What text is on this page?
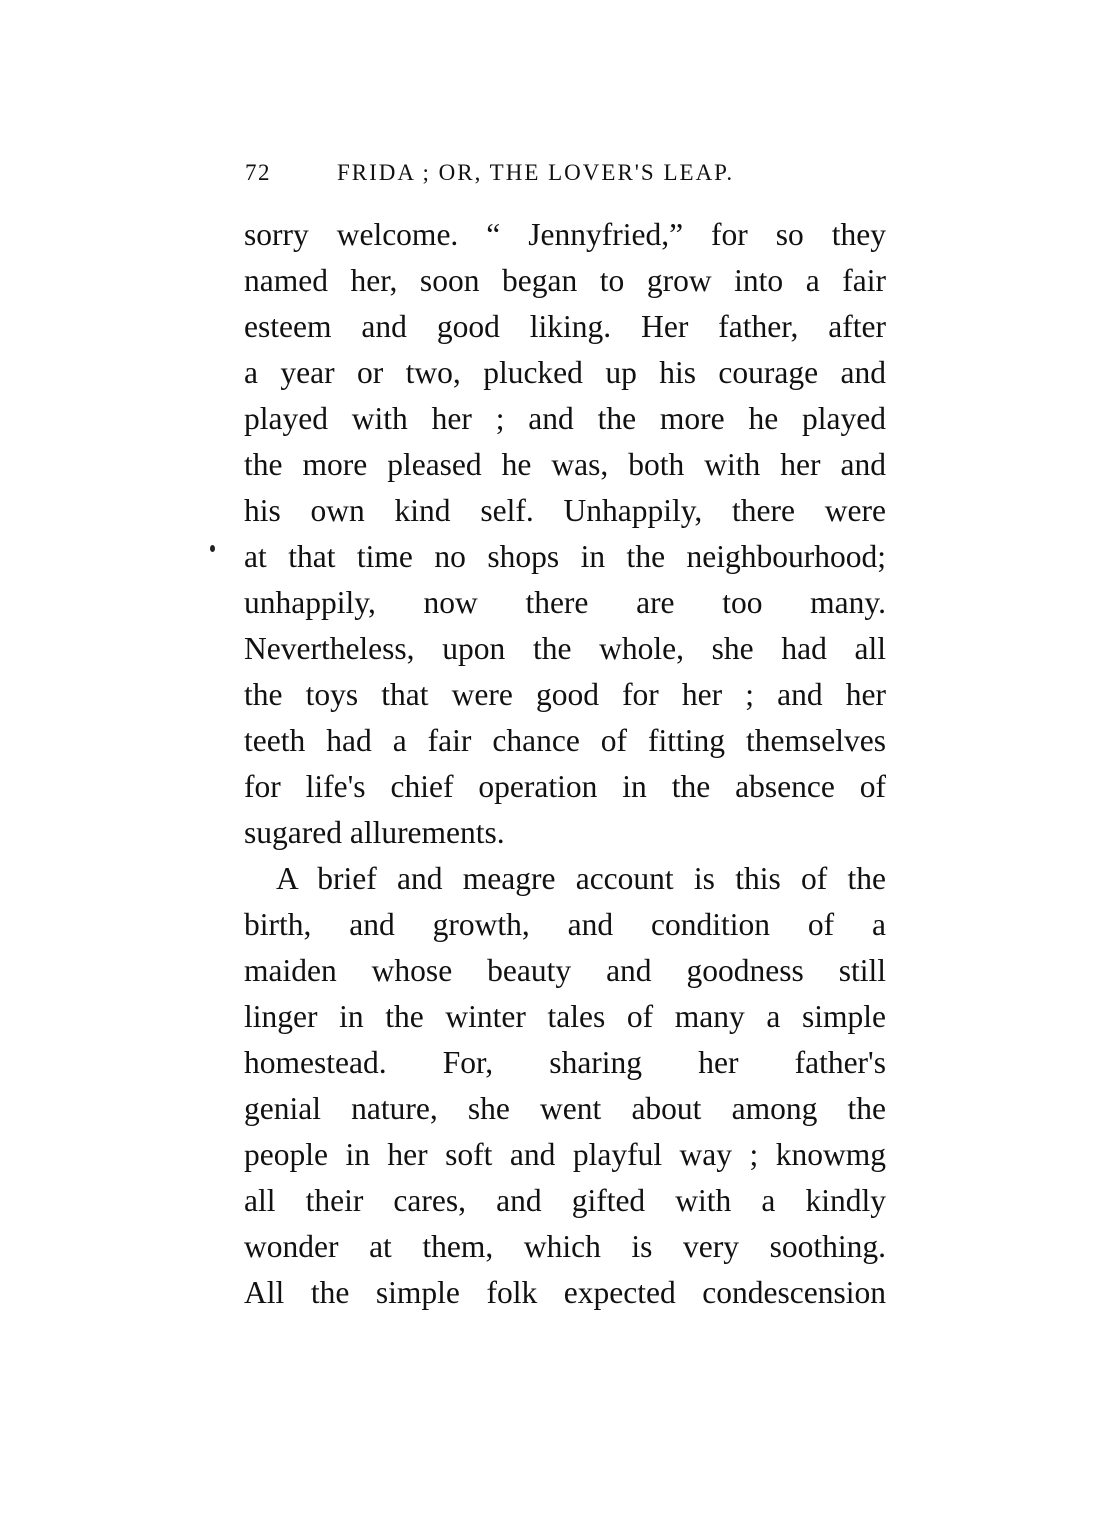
72	FRIDA ; OR, THE LOVER'S LEAP.
sorry welcome. “ Jennyfried,” for so they
named her, soon began to grow into a fair
esteem and good liking. Her father, after
a year or two, plucked up his courage and
played with her ; and the more he played
the more pleased he was, both with her and
his own kind self. Unhappily, there were
at that time no shops in the neighbourhood;
unhappily, now there are too many.
Nevertheless, upon the whole, she had all
the toys that were good for her ; and her
teeth had a fair chance of fitting themselves
for life's chief operation in the absence of
sugared allurements.
A brief and meagre account is this of the
birth, and growth, and condition of a
maiden whose beauty and goodness still
linger in the winter tales of many a simple
homestead. For, sharing her father's
genial nature, she went about among the
people in her soft and playful way ; knowmg
all their cares, and gifted with a kindly
wonder at them, which is very soothing.
All the simple folk expected condescension
